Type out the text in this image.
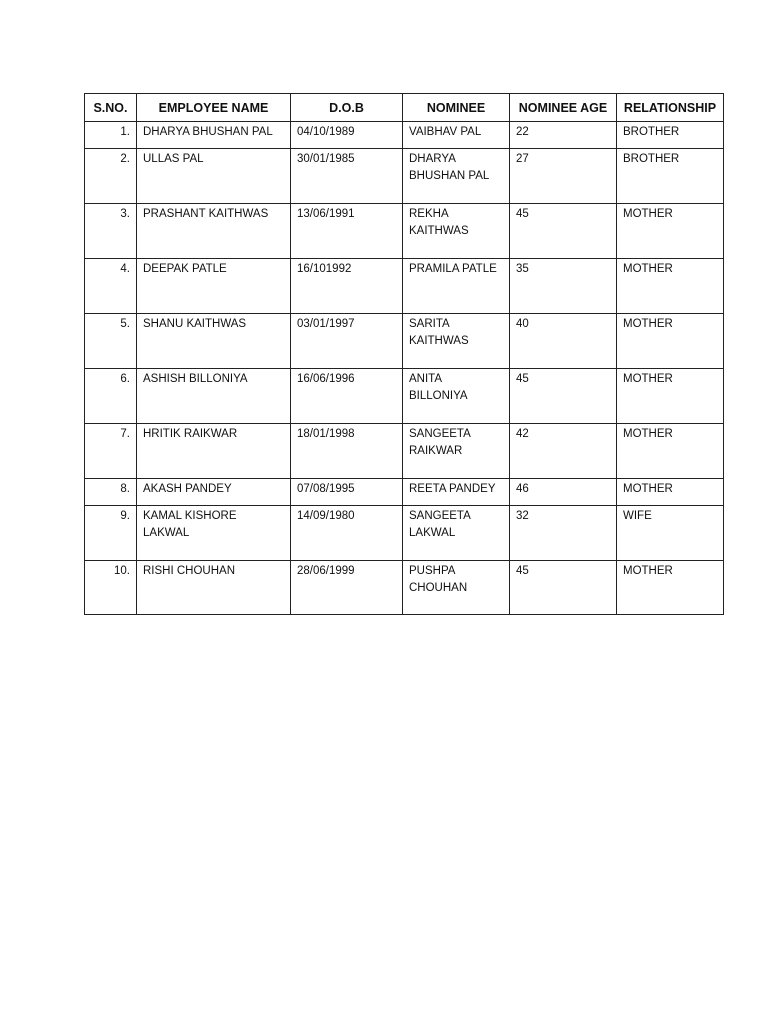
S.NO.	EMPLOYEE NAME	D.O.B	NOMINEE	NOMINEE AGE	RELATIONSHIP
1.	DHARYA BHUSHAN PAL	04/10/1989	VAIBHAV PAL	22	BROTHER
2.	ULLAS PAL	30/01/1985	DHARYA BHUSHAN PAL	27	BROTHER
3.	PRASHANT KAITHWAS	13/06/1991	REKHA KAITHWAS	45	MOTHER
4.	DEEPAK PATLE	16/101992	PRAMILA PATLE	35	MOTHER
5.	SHANU KAITHWAS	03/01/1997	SARITA KAITHWAS	40	MOTHER
6.	ASHISH BILLONIYA	16/06/1996	ANITA BILLONIYA	45	MOTHER
7.	HRITIK RAIKWAR	18/01/1998	SANGEETA RAIKWAR	42	MOTHER
8.	AKASH PANDEY	07/08/1995	REETA PANDEY	46	MOTHER
9.	KAMAL KISHORE LAKWAL	14/09/1980	SANGEETA LAKWAL	32	WIFE
10.	RISHI CHOUHAN	28/06/1999	PUSHPA CHOUHAN	45	MOTHER
